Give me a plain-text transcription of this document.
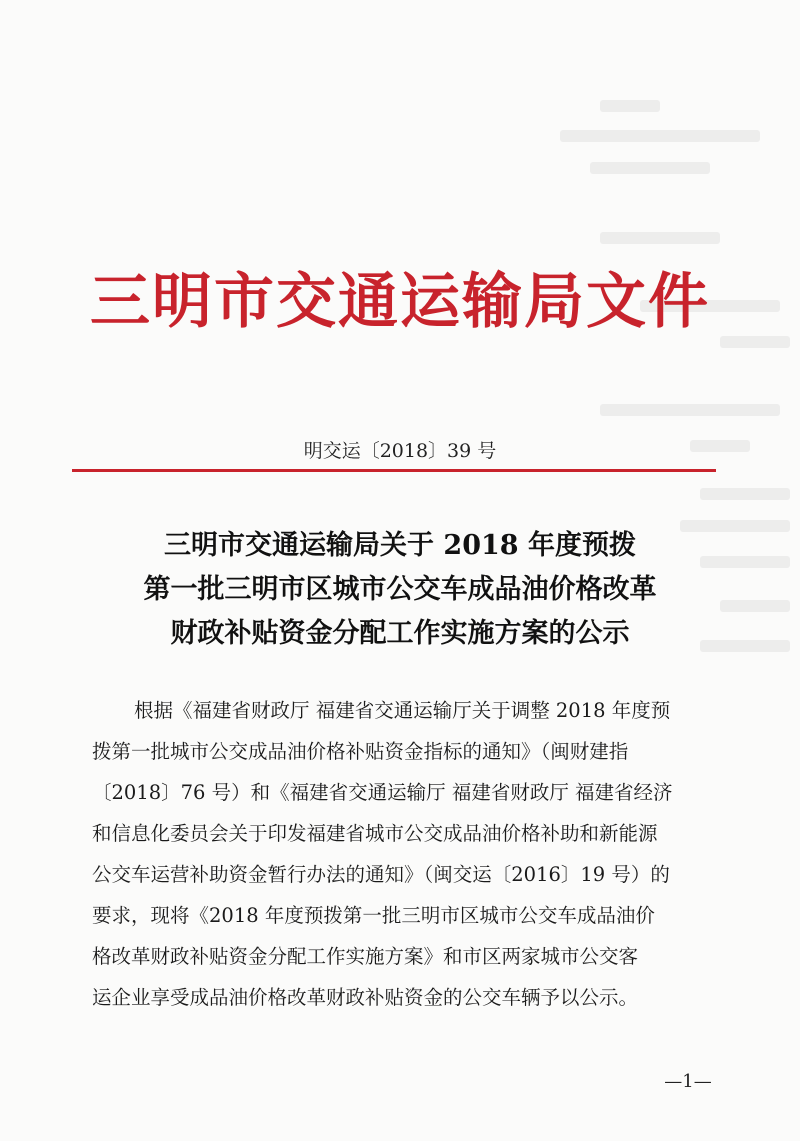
三明市交通运输局文件
明交运〔2018〕39 号
三明市交通运输局关于 2018 年度预拨
第一批三明市区城市公交车成品油价格改革
财政补贴资金分配工作实施方案的公示
根据《福建省财政厅 福建省交通运输厅关于调整 2018 年度预
拨第一批城市公交成品油价格补贴资金指标的通知》（闽财建指
〔2018〕76 号）和《福建省交通运输厅 福建省财政厅 福建省经济
和信息化委员会关于印发福建省城市公交成品油价格补助和新能源
公交车运营补助资金暂行办法的通知》（闽交运〔2016〕19 号）的
要求，现将《2018 年度预拨第一批三明市区城市公交车成品油价
格改革财政补贴资金分配工作实施方案》和市区两家城市公交客
运企业享受成品油价格改革财政补贴资金的公交车辆予以公示。
—1—
